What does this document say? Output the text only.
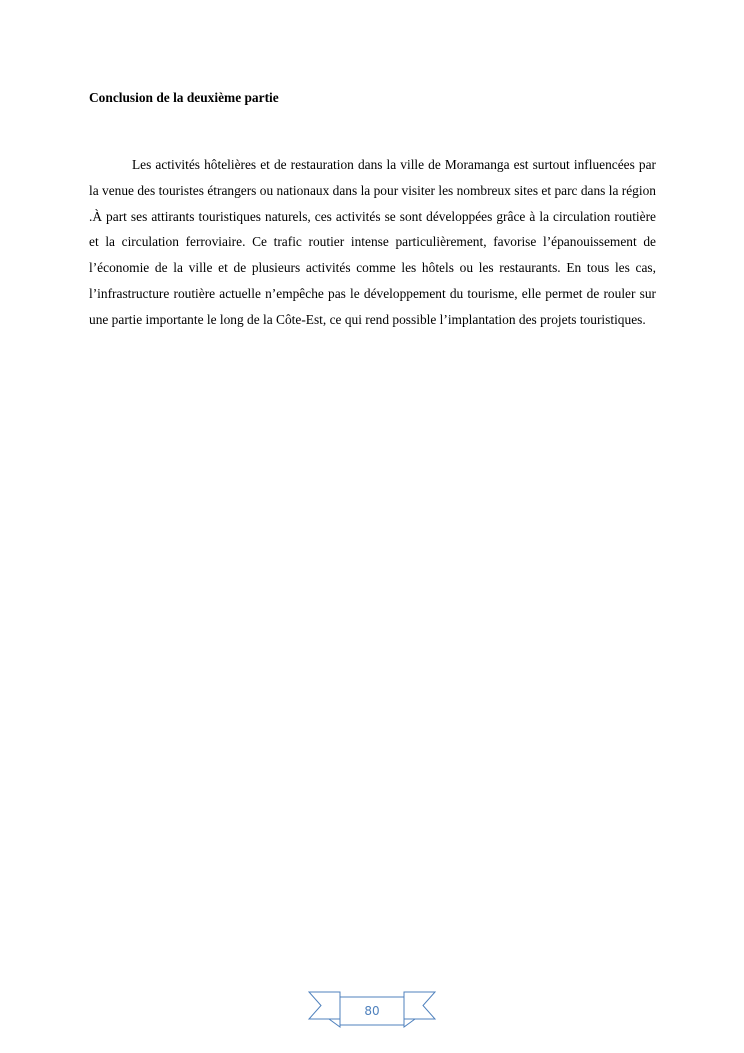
Conclusion de la deuxième partie

Les activités hôtelières et de restauration dans la ville de Moramanga est surtout influencées par la venue des touristes étrangers ou nationaux dans la pour visiter les nombreux sites et parc dans la région .À part ses attirants touristiques naturels, ces activités se sont développées grâce à la circulation routière et la circulation ferroviaire. Ce trafic routier intense particulièrement, favorise l’épanouissement de l’économie de la ville et de plusieurs activités comme les hôtels ou les restaurants. En tous les cas, l’infrastructure routière actuelle n’empêche pas le développement du tourisme, elle permet de rouler sur une partie importante le long de la Côte-Est, ce qui rend possible l’implantation des projets touristiques.

80
